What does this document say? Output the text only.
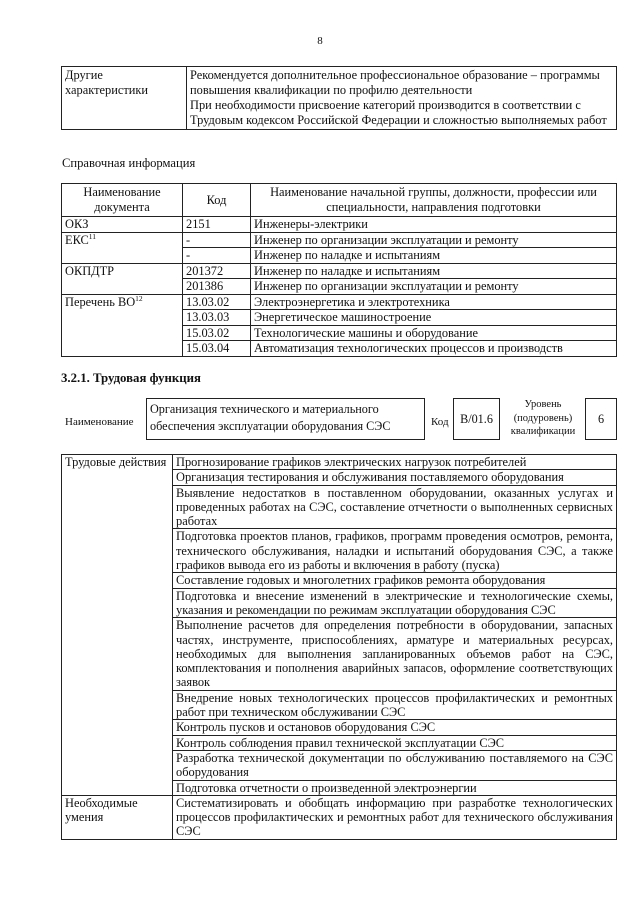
8
Другие характеристики	
Рекомендуется дополнительное профессиональное образование – программы повышения квалификации по профилю деятельности
При необходимости присвоение категорий производится в соответствии с Трудовым кодексом Российской Федерации и сложностью выполняемых работ
Справочная информация
Наименование документа	Код	Наименование начальной группы, должности, профессии или специальности, направления подготовки
ОКЗ	2151	Инженеры-электрики
ЕКС$^{11}$	-	Инженер по организации эксплуатации и ремонту
	-	Инженер по наладке и испытаниям
ОКПДТР	201372	Инженер по наладке и испытаниям
	201386	Инженер по организации эксплуатации и ремонту
Перечень ВО$^{12}$	13.03.02	Электроэнергетика и электротехника
	13.03.03	Энергетическое машиностроение
	15.03.02	Технологические машины и оборудование
	15.03.04	Автоматизация технологических процессов и производств
3.2.1. Трудовая функция
Наименование
Организация технического и материального обеспечения эксплуатации оборудования СЭС	Код B/01.6
Уровень (подуровень) квалификации
6
Трудовые действия	Прогнозирование графиков электрических нагрузок потребителей
	Организация тестирования и обслуживания поставляемого оборудования
	Выявление недостатков в поставленном оборудовании, оказанных услугах и проведенных работах на СЭС, составление отчетности о выполненных сервисных работах
	Подготовка проектов планов, графиков, программ проведения осмотров, ремонта, технического обслуживания, наладки и испытаний оборудования СЭС, а также графиков вывода его из работы и включения в работу (пуска)
	Составление годовых и многолетних графиков ремонта оборудования
	Подготовка и внесение изменений в электрические и технологические схемы, указания и рекомендации по режимам эксплуатации оборудования СЭС
	Выполнение расчетов для определения потребности в оборудовании, запасных частях, инструменте, приспособлениях, арматуре и материальных ресурсах, необходимых для выполнения запланированных объемов работ на СЭС, комплектования и пополнения аварийных запасов, оформление соответствующих заявок
	Внедрение новых технологических процессов профилактических и ремонтных работ при техническом обслуживании СЭС
	Контроль пусков и остановов оборудования СЭС
	Контроль соблюдения правил технической эксплуатации СЭС
	Разработка технической документации по обслуживанию поставляемого на СЭС оборудования
	Подготовка отчетности о произведенной электроэнергии
Необходимые умения	Систематизировать и обобщать информацию при разработке технологических процессов профилактических и ремонтных работ для технического обслуживания СЭС
